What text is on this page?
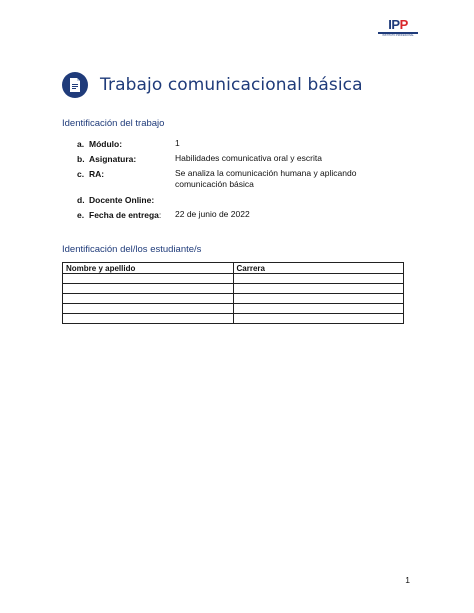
IPP
INSTITUTO PROFESIONAL
Trabajo comunicacional básica
Identificación del trabajo
a. Módulo:	1
b. Asignatura:	Habilidades comunicativa oral y escrita
c. RA:	Se analiza la comunicación humana y aplicando comunicación básica
d. Docente Online:
e. Fecha de entrega : 22 de junio de 2022
Identificación del/los estudiante/s
Nombre y apellido	Carrera

1
